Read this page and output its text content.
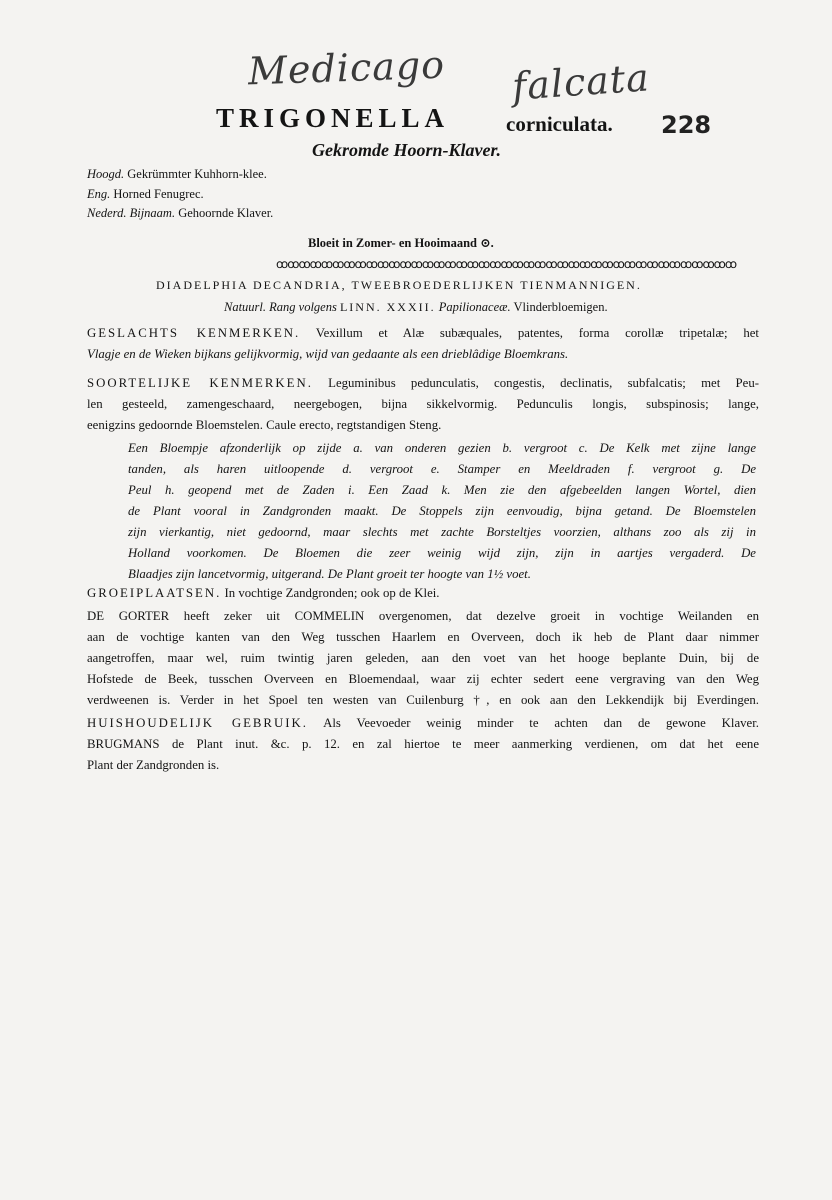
Medicago falcata
228
TRIGONELLA	corniculata.
Gekromde Hoorn-Klaver.
Hoogd. Gekrümmter Kuhhorn-klee.
Eng. Horned Fenugrec.
Nederd. Bijnaam. Gehoornde Klaver.
Bloeit in Zomer- en Hooimaand ⊙.
ꝏꝏꝏꝏꝏꝏꝏꝏꝏꝏꝏꝏꝏꝏꝏꝏꝏꝏꝏꝏꝏꝏꝏꝏꝏꝏꝏꝏꝏꝏꝏꝏꝏꝏꝏꝏꝏꝏꝏꝏꝏ
DIADELPHIA DECANDRIA, TWEEBROEDERLIJKEN TIENMANNIGEN.
Natuurl. Rang volgens LINN. XXXII. Papilionaceæ. Vlinderbloemigen.
GESLACHTS KENMERKEN. Vexillum et Alæ subæquales, patentes, forma corollæ tripetalæ; het
Vlagje en de Wieken bijkans gelijkvormig, wijd van gedaante als een drieblâdige Bloemkrans.
SOORTELIJKE KENMERKEN. Leguminibus pedunculatis, congestis, declinatis, subfalcatis; met Peu-
len gesteeld, zamengeschaard, neergebogen, bijna sikkelvormig. Pedunculis longis, subspinosis; lange,
eenigzins gedoornde Bloemstelen. Caule erecto, regtstandigen Steng.
Een Bloempje afzonderlijk op zijde a. van onderen gezien b. vergroot c. De Kelk met zijne lange
tanden, als haren uitloopende d. vergroot e. Stamper en Meeldraden f. vergroot g. De
Peul h. geopend met de Zaden i. Een Zaad k. Men zie den afgebeelden langen Wortel, dien
de Plant vooral in Zandgronden maakt. De Stoppels zijn eenvoudig, bijna getand. De Bloemstelen
zijn vierkantig, niet gedoornd, maar slechts met zachte Borsteltjes voorzien, althans zoo als zij in
Holland voorkomen. De Bloemen die zeer weinig wijd zijn, zijn in aartjes vergaderd. De
Blaadjes zijn lancetvormig, uitgerand. De Plant groeit ter hoogte van 1½ voet.
GROEIPLAATSEN. In vochtige Zandgronden; ook op de Klei.
DE GORTER heeft zeker uit COMMELIN overgenomen, dat dezelve groeit in vochtige Weilanden en
aan de vochtige kanten van den Weg tusschen Haarlem en Overveen, doch ik heb de Plant daar nimmer
aangetroffen, maar wel, ruim twintig jaren geleden, aan den voet van het hooge beplante Duin, bij de
Hofstede de Beek, tusschen Overveen en Bloemendaal, waar zij echter sedert eene vergraving van den Weg
verdweenen is. Verder in het Spoel ten westen van Cuilenburg †, en ook aan den Lekkendijk bij Everdingen.
HUISHOUDELIJK GEBRUIK. Als Veevoeder weinig minder te achten dan de gewone Klaver.
BRUGMANS de Plant inut. &c. p. 12. en zal hiertoe te meer aanmerking verdienen, om dat het eene
Plant der Zandgronden is.
